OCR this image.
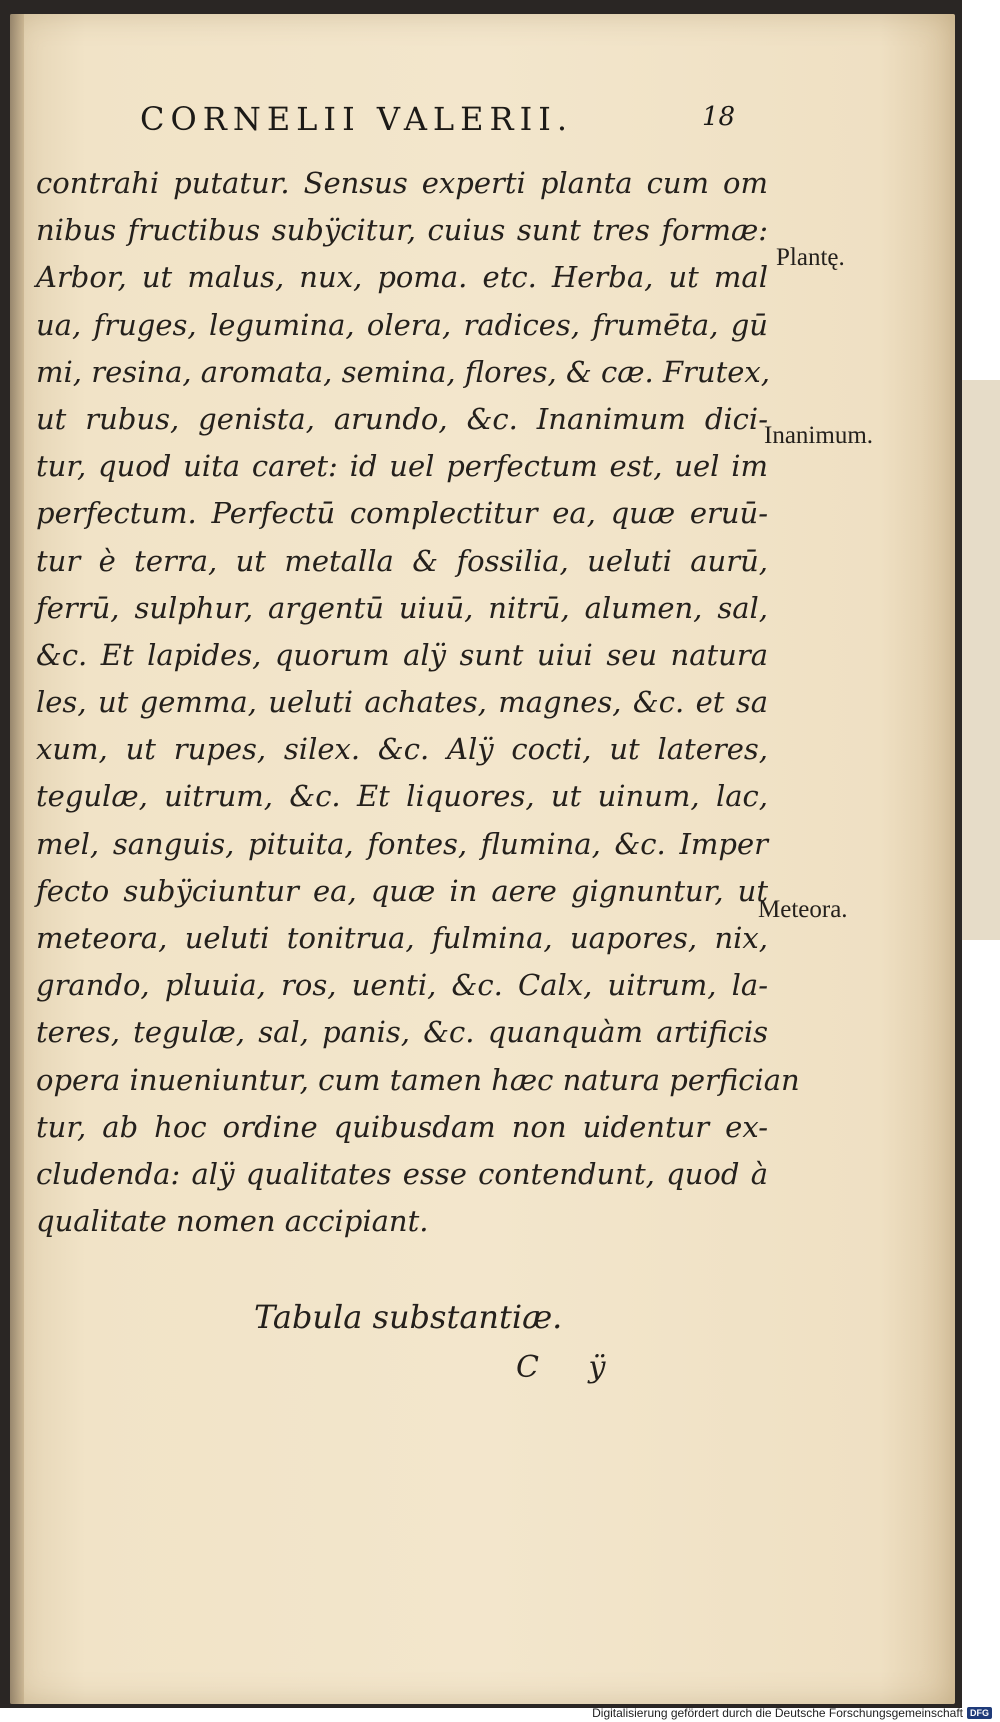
CORNELII VALERII.	18
contrahi putatur. Sensus experti planta cum om
nibus fructibus subÿcitur, cuius sunt tres formæ:
Arbor, ut malus, nux, poma. etc. Herba, ut mal
ua, fruges, legumina, olera, radices, frumēta, gū
mi, resina, aromata, semina, flores, & cæ. Frutex,
ut rubus, genista, arundo, &c. Inanimum dici-
tur, quod uita caret: id uel perfectum est, uel im
perfectum. Perfectū complectitur ea, quæ eruū-
tur è terra, ut metalla & fossilia, ueluti aurū,
ferrū, sulphur, argentū uiuū, nitrū, alumen, sal,
&c. Et lapides, quorum alÿ sunt uiui seu natura
les, ut gemma, ueluti achates, magnes, &c. et sa
xum, ut rupes, silex. &c. Alÿ cocti, ut lateres,
tegulæ, uitrum, &c. Et liquores, ut uinum, lac,
mel, sanguis, pituita, fontes, flumina, &c. Imper
fecto subÿciuntur ea, quæ in aere gignuntur, ut
meteora, ueluti tonitrua, fulmina, uapores, nix,
grando, pluuia, ros, uenti, &c. Calx, uitrum, la-
teres, tegulæ, sal, panis, &c. quanquàm artificis
opera inueniuntur, cum tamen hæc natura perfician
tur, ab hoc ordine quibusdam non uidentur ex-
cludenda: alÿ qualitates esse contendunt, quod à
qualitate nomen accipiant.
Plantę.
Inanimum.
Meteora.
Tabula substantiæ.
C ÿ
Digitalisierung gefördert durch die Deutsche Forschungsgemeinschaft DFG
